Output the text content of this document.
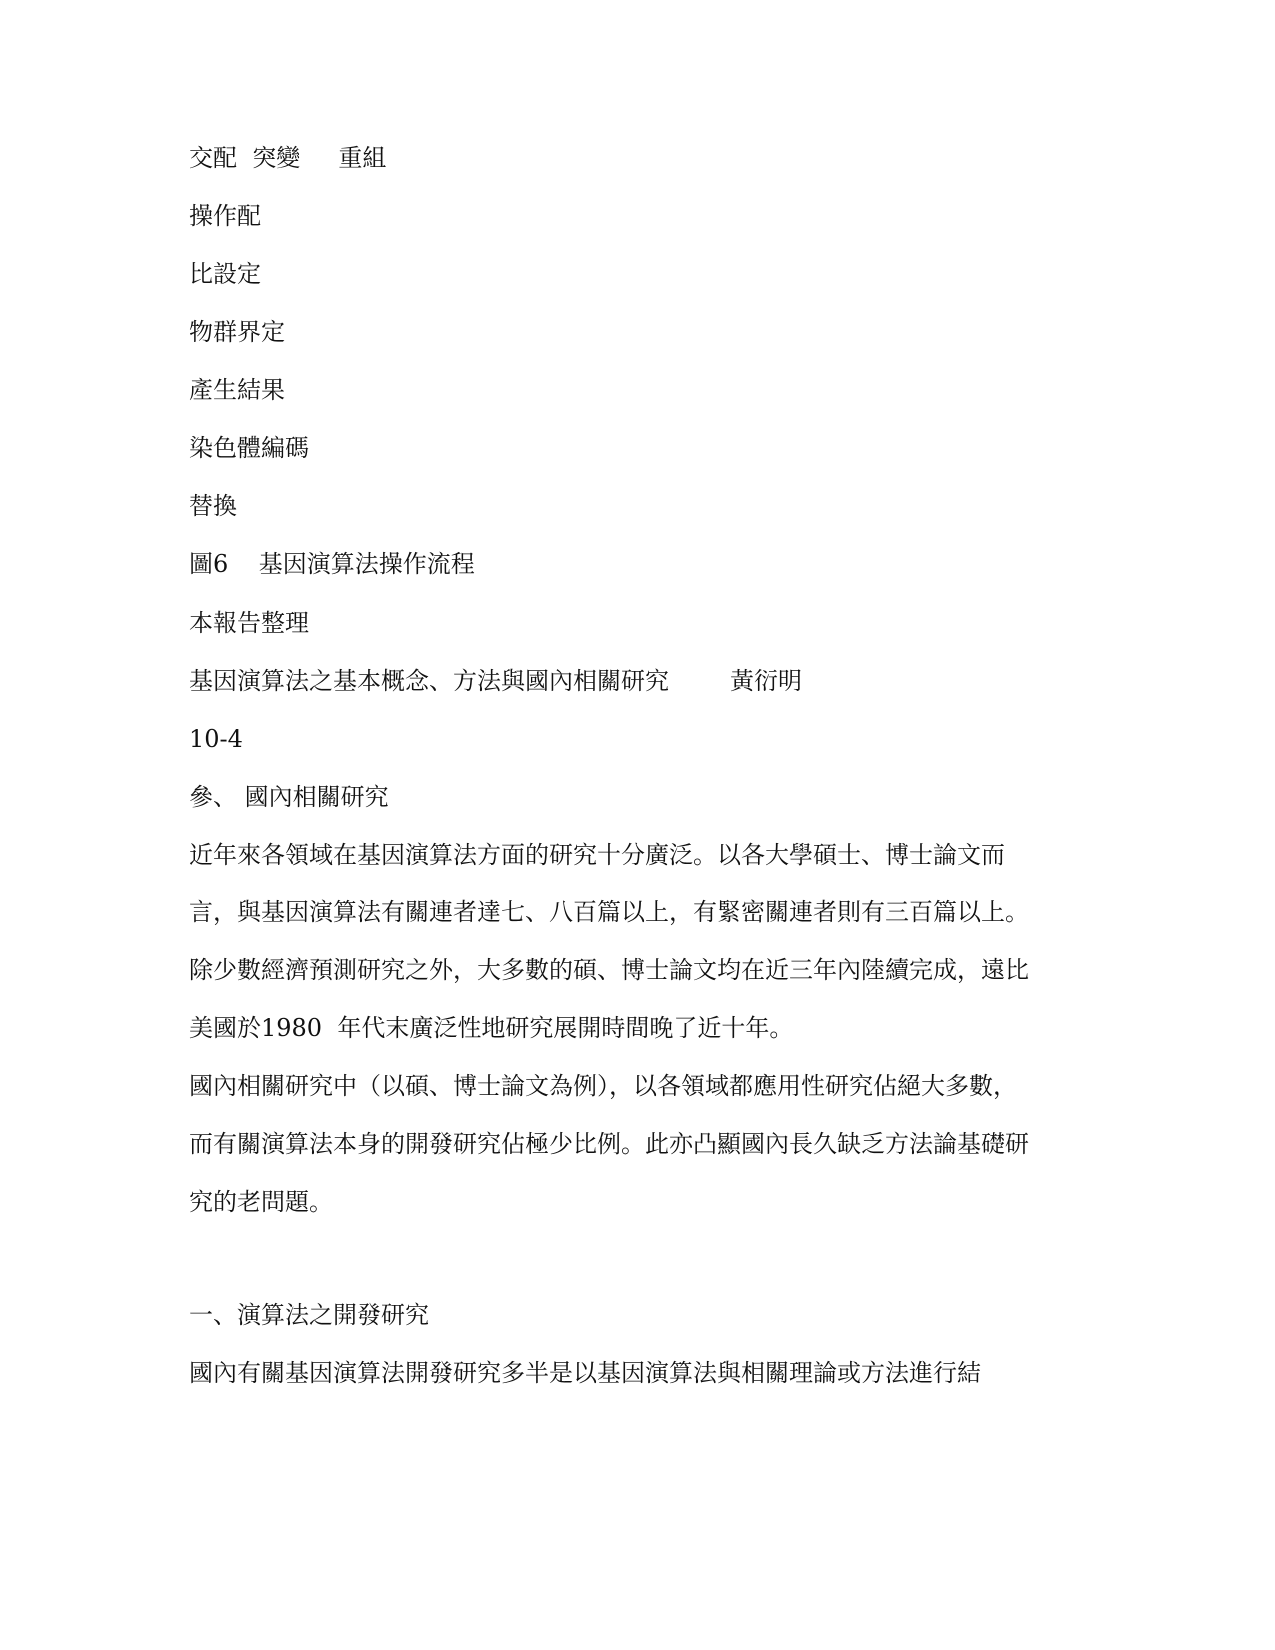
交配  突變     重組
操作配
比設定
物群界定
產生結果
染色體編碼
替換
圖6    基因演算法操作流程
本報告整理
基因演算法之基本概念、方法與國內相關研究        黃衍明
10-4
參、 國內相關研究
近年來各領域在基因演算法方面的研究十分廣泛。以各大學碩士、博士論文而
言，與基因演算法有關連者達七、八百篇以上，有緊密關連者則有三百篇以上。
除少數經濟預測研究之外，大多數的碩、博士論文均在近三年內陸續完成，遠比
美國於1980  年代末廣泛性地研究展開時間晚了近十年。
國內相關研究中（以碩、博士論文為例），以各領域都應用性研究佔絕大多數，
而有關演算法本身的開發研究佔極少比例。此亦凸顯國內長久缺乏方法論基礎研
究的老問題。
一、演算法之開發研究
國內有關基因演算法開發研究多半是以基因演算法與相關理論或方法進行結
